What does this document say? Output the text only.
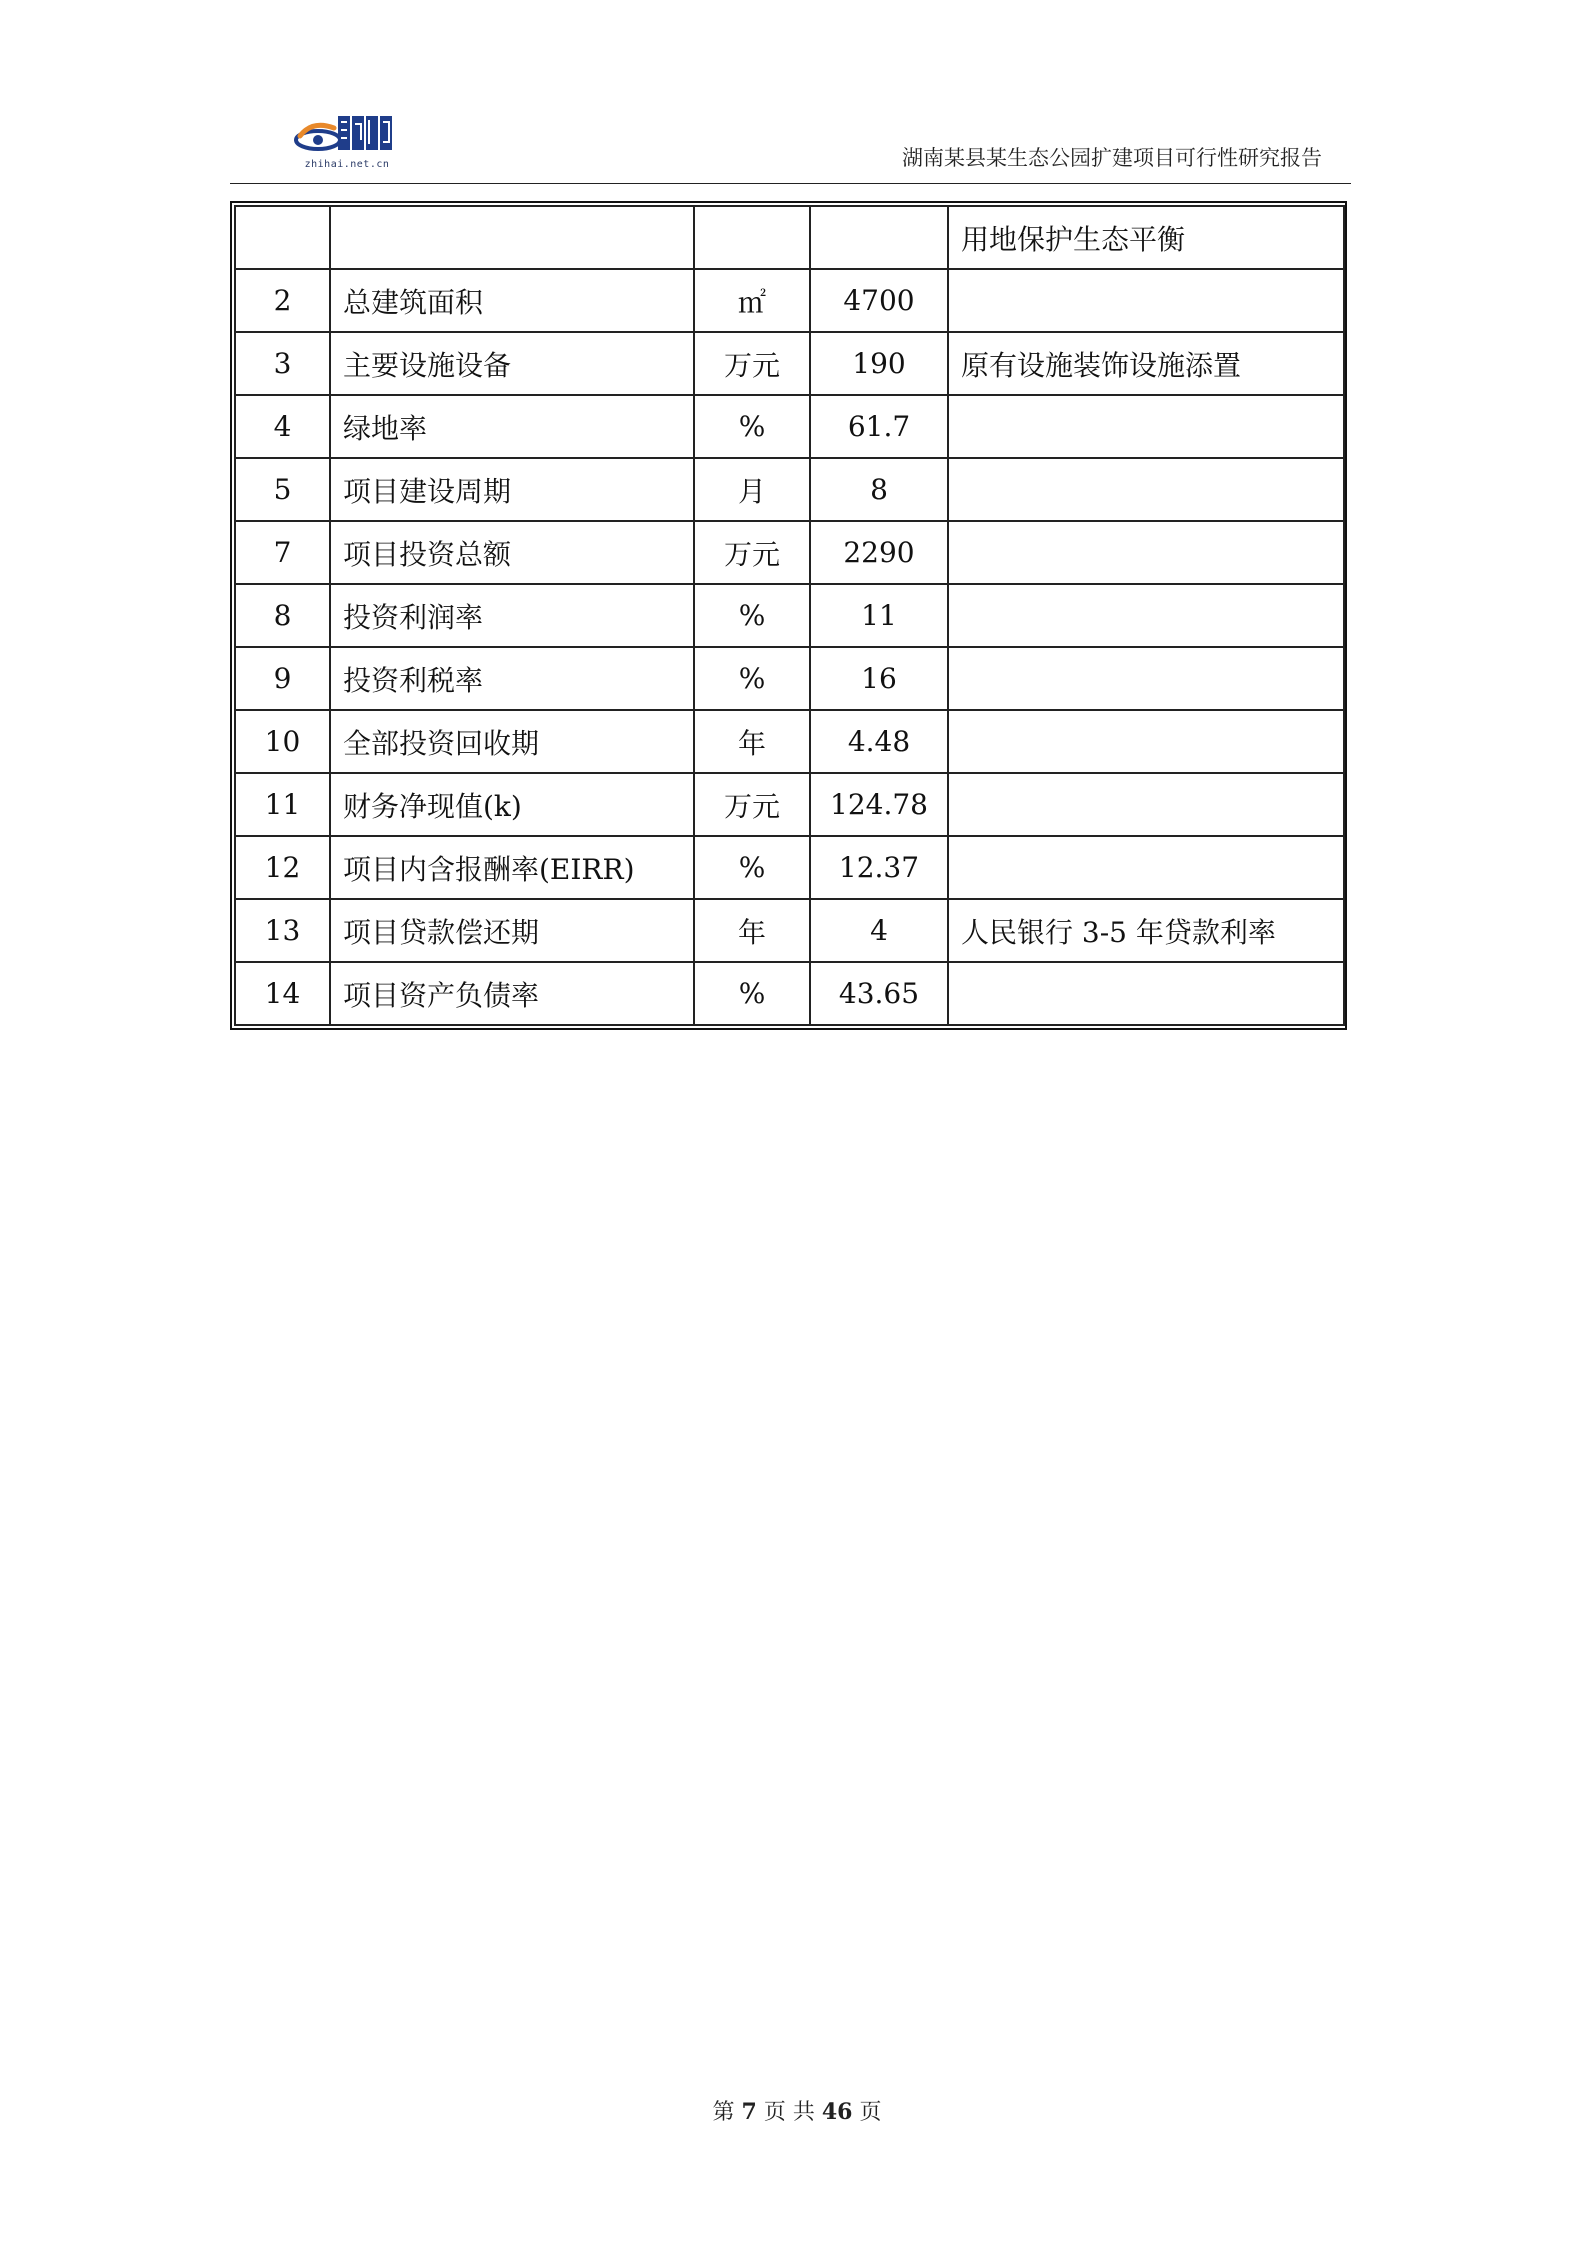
zhihai.net.cn	湖南某县某生态公园扩建项目可行性研究报告
				用地保护生态平衡
2	总建筑面积	㎡	4700	
3	主要设施设备	万元	190	原有设施装饰设施添置
4	绿地率	%	61.7	
5	项目建设周期	月	8	
7	项目投资总额	万元	2290	
8	投资利润率	%	11	
9	投资利税率	%	16	
10	全部投资回收期	年	4.48	
11	财务净现值(k)	万元	124.78	
12	项目内含报酬率(EIRR)	%	12.37	
13	项目贷款偿还期	年	4	人民银行 3-5 年贷款利率
14	项目资产负债率	%	43.65	
第 7 页 共 46 页
